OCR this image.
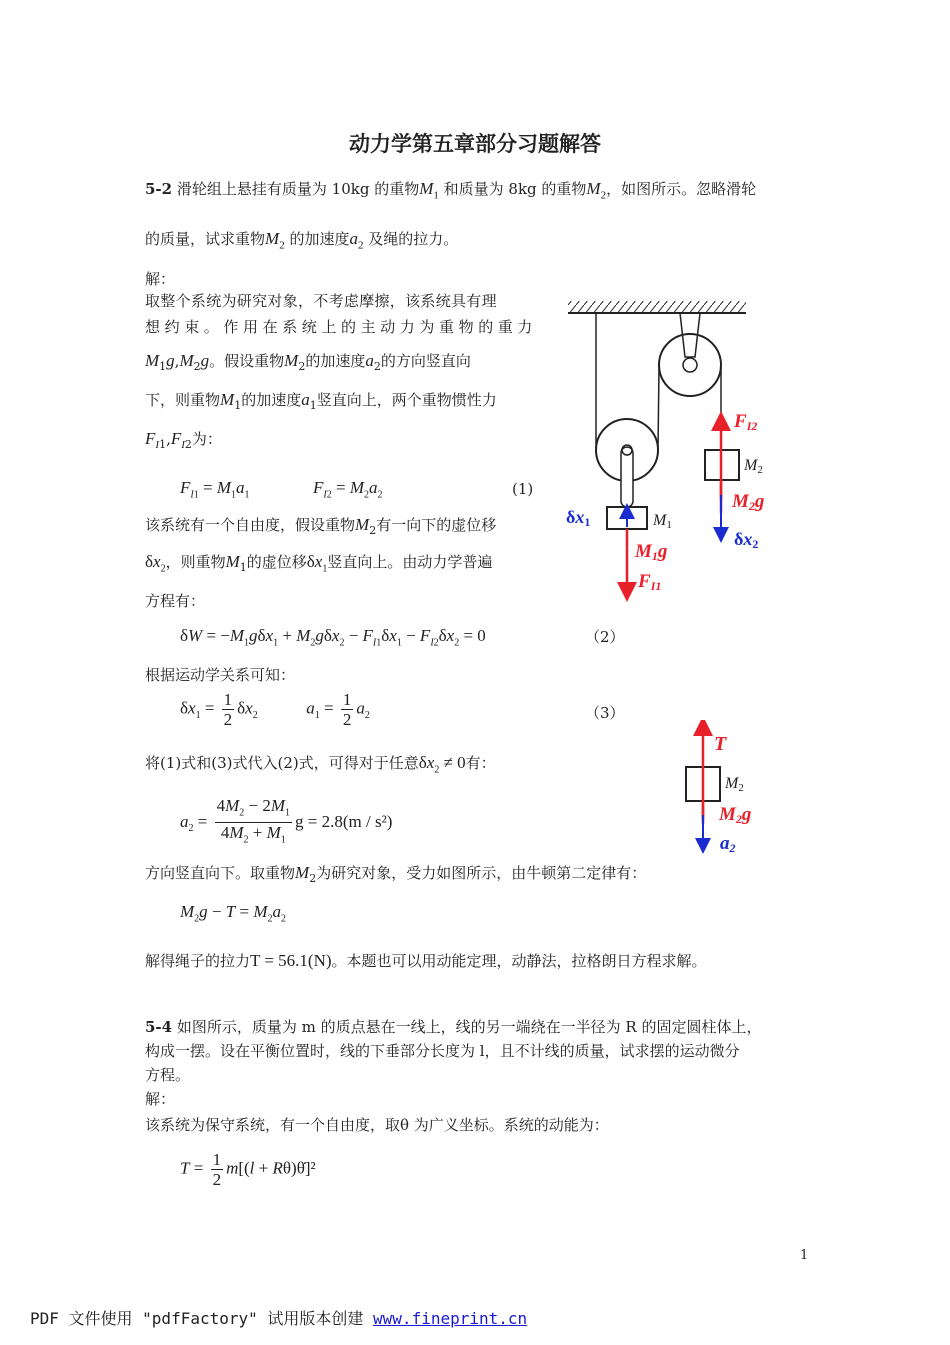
动力学第五章部分习题解答
5-2 滑轮组上悬挂有质量为 10kg 的重物$M_1$ 和质量为 8kg 的重物$M_2$，如图所示。忽略滑轮
的质量，试求重物$M_2$ 的加速度$a_2$ 及绳的拉力。
解：
取整个系统为研究对象，不考虑摩擦，该系统具有理
想约束。作用在系统上的主动力为重物的重力
$M_1g,M_2g$。假设重物$M_2$的加速度$a_2$的方向竖直向
下，则重物$M_1$的加速度$a_1$竖直向上，两个重物惯性力
$F_{I1},F_{I2}$为：
$F_{I1} = M_1a_1$	$F_{I2} = M_2a_2$	(1)
该系统有一个自由度，假设重物$M_2$有一向下的虚位移
$\delta x_2$，则重物$M_1$的虚位移$\delta x_1$竖直向上。由动力学普遍
方程有：
$\delta W = -M_1g\delta x_1 + M_2g\delta x_2 - F_{I1}\delta x_1 - F_{I2}\delta x_2 = 0$	（2）
根据运动学关系可知：
$\delta x_1 = \frac{1}{2} \delta x_2$	$a_1 = \frac{1}{2} a_2$	（3）
将(1)式和(3)式代入(2)式，可得对于任意$\delta x_2 \ne 0$有：
$a_2 = \frac{4M_2 - 2M_1}{4M_2 + M_1}$ g = 2.8(m / s²)
方向竖直向下。取重物$M_2$为研究对象，受力如图所示，由牛顿第二定律有：
$M_2g - T = M_2a_2$
解得绳子的拉力T = 56.1(N)。本题也可以用动能定理，动静法，拉格朗日方程求解。
5-4 如图所示，质量为 m 的质点悬在一线上，线的另一端绕在一半径为 R 的固定圆柱体上，
构成一摆。设在平衡位置时，线的下垂部分长度为 l，且不计线的质量，试求摆的运动微分
方程。
解：
该系统为保守系统，有一个自由度，取θ 为广义坐标。系统的动能为：
$T = \frac{1}{2} m[(l$ + Rθ)θ̇]²
1
FI2
M2
M2g
δx2
δx1	M1
M1g
FI1
T
M2
M2g
a2
PDF 文件使用 "pdfFactory" 试用版本创建 www.fineprint.cn
